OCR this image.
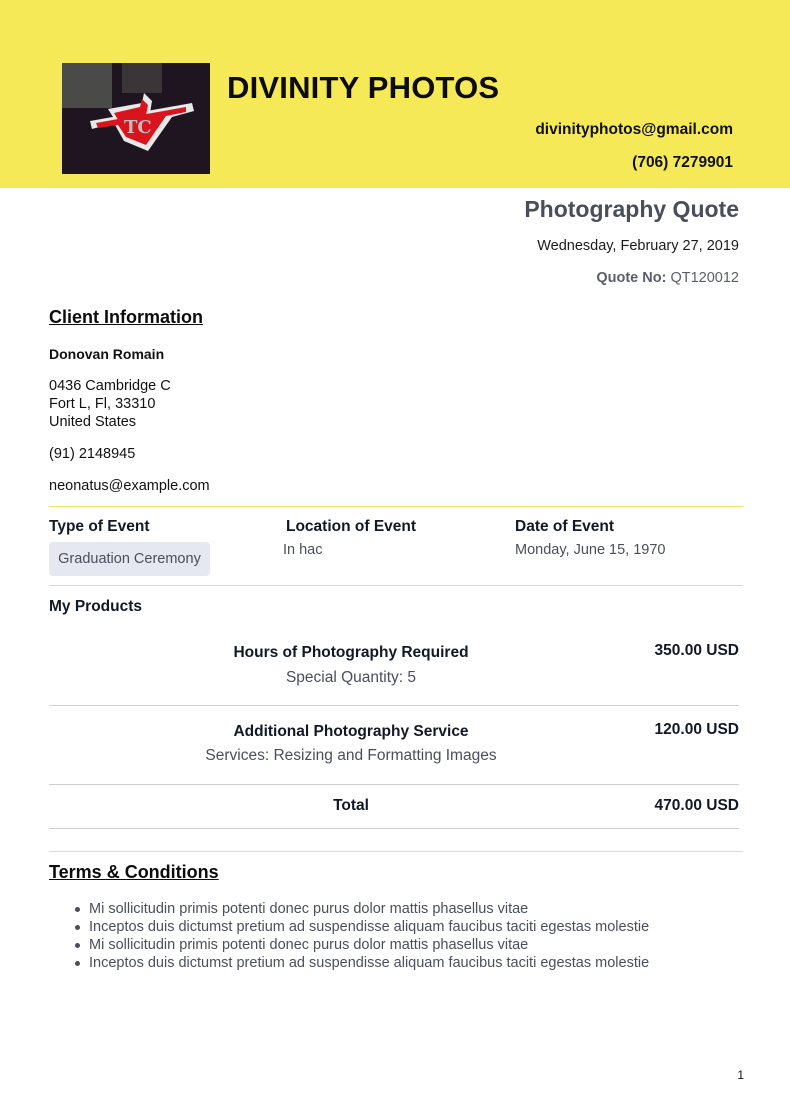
TC
DIVINITY PHOTOS
divinityphotos@gmail.com
(706) 7279901
Photography Quote
Wednesday, February 27, 2019
Quote No: QT120012
Client Information
Donovan Romain
0436 Cambridge C
Fort L, Fl, 33310
United States
(91) 2148945
neonatus@example.com
Type of Event
Graduation Ceremony
Location of Event
In hac
Date of Event
Monday, June 15, 1970
My Products
Hours of Photography Required
Special Quantity: 5
350.00 USD
Additional Photography Service
Services: Resizing and Formatting Images
120.00 USD
Total	470.00 USD
Terms & Conditions
Mi sollicitudin primis potenti donec purus dolor mattis phasellus vitae
Inceptos duis dictumst pretium ad suspendisse aliquam faucibus taciti egestas molestie
Mi sollicitudin primis potenti donec purus dolor mattis phasellus vitae
Inceptos duis dictumst pretium ad suspendisse aliquam faucibus taciti egestas molestie
1
